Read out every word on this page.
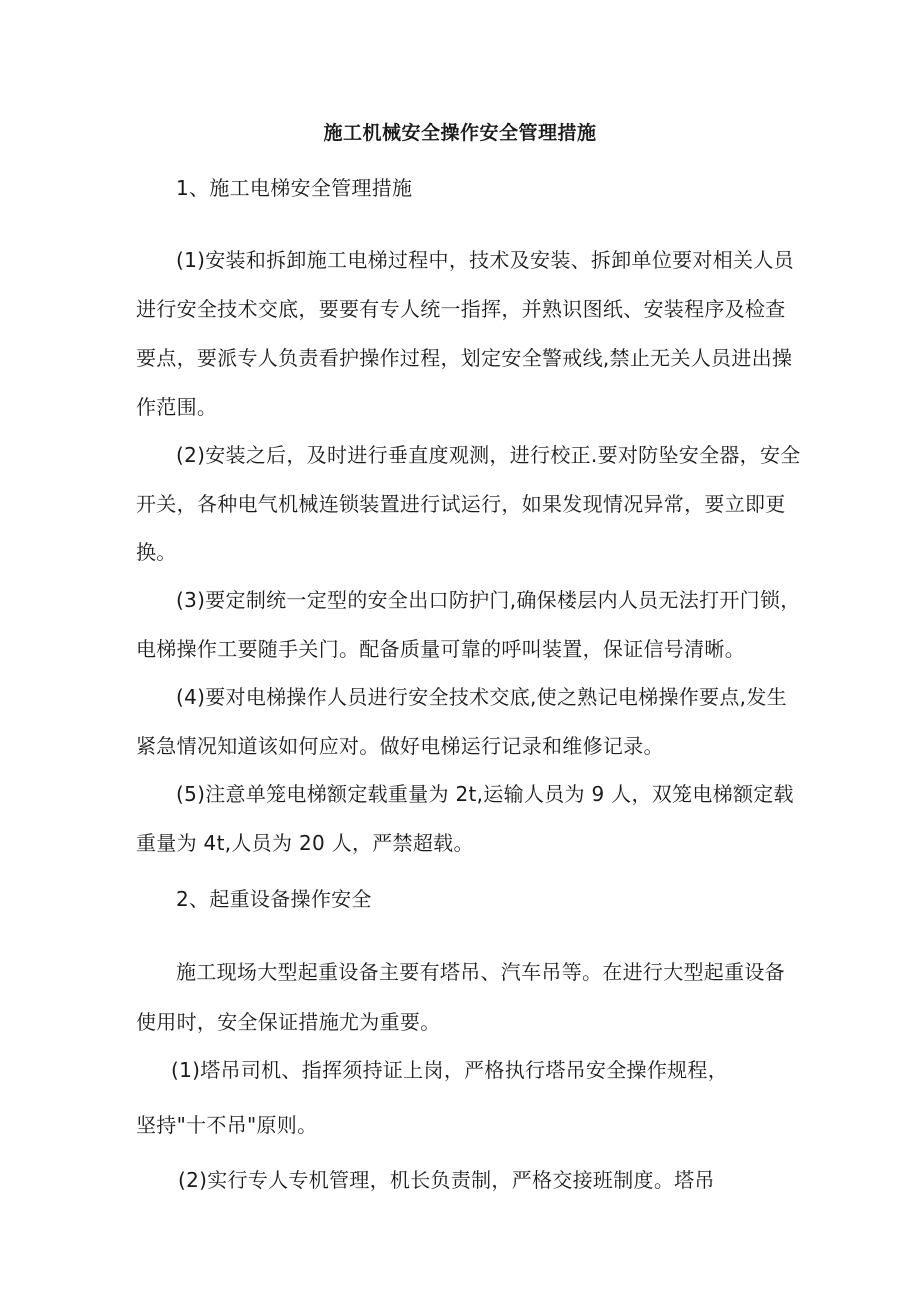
施工机械安全操作安全管理措施
1、施工电梯安全管理措施
(1)安装和拆卸施工电梯过程中，技术及安装、拆卸单位要对相关人员
进行安全技术交底，要要有专人统一指挥，并熟识图纸、安装程序及检查
要点，要派专人负责看护操作过程，划定安全警戒线,禁止无关人员进出操
作范围。
(2)安装之后，及时进行垂直度观测，进行校正.要对防坠安全器，安全
开关，各种电气机械连锁装置进行试运行，如果发现情况异常，要立即更
换。
(3)要定制统一定型的安全出口防护门,确保楼层内人员无法打开门锁，
电梯操作工要随手关门。配备质量可靠的呼叫装置，保证信号清晰。
(4)要对电梯操作人员进行安全技术交底,使之熟记电梯操作要点,发生
紧急情况知道该如何应对。做好电梯运行记录和维修记录。
(5)注意单笼电梯额定载重量为 2t,运输人员为 9 人，双笼电梯额定载
重量为 4t,人员为 20 人，严禁超载。
2、起重设备操作安全
施工现场大型起重设备主要有塔吊、汽车吊等。在进行大型起重设备
使用时，安全保证措施尤为重要。
(1)塔吊司机、指挥须持证上岗，严格执行塔吊安全操作规程，
坚持"十不吊"原则。
(2)实行专人专机管理，机长负责制，严格交接班制度。塔吊
